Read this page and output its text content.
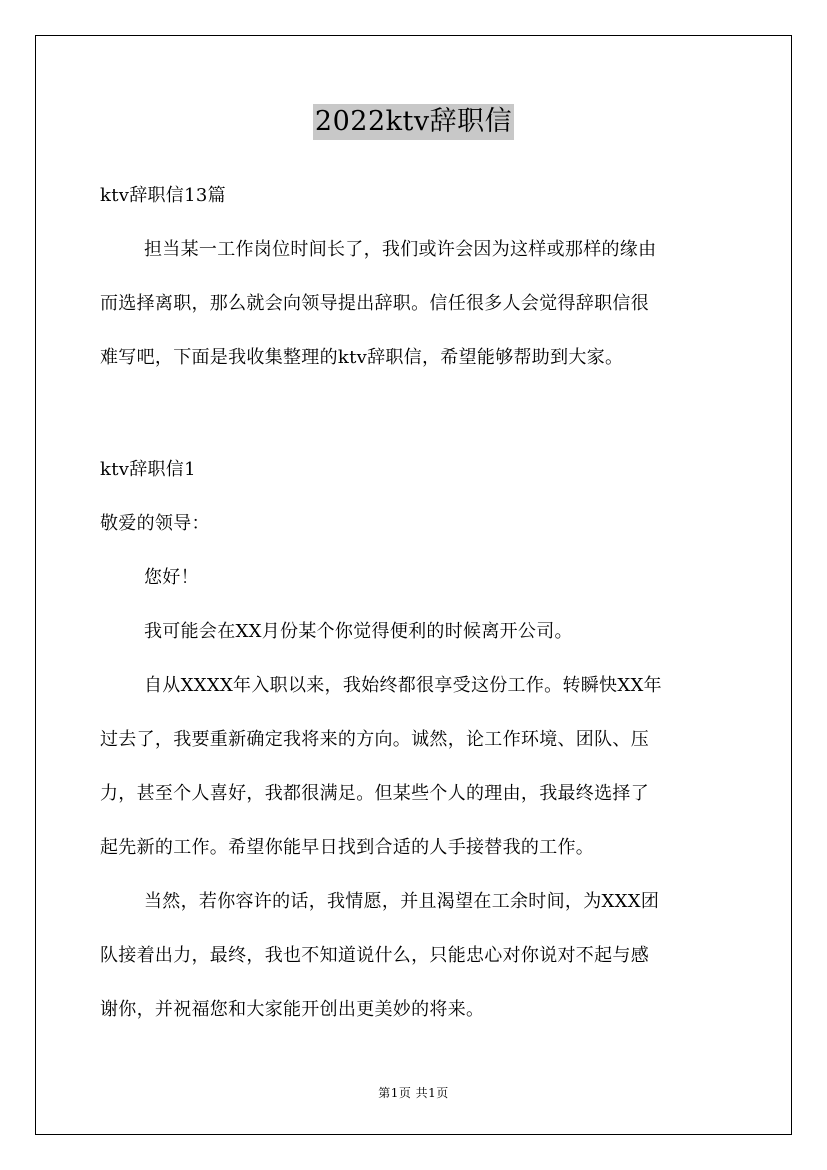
2022ktv辞职信
ktv辞职信13篇
担当某一工作岗位时间长了，我们或许会因为这样或那样的缘由
而选择离职，那么就会向领导提出辞职。信任很多人会觉得辞职信很
难写吧，下面是我收集整理的ktv辞职信，希望能够帮助到大家。
ktv辞职信1
敬爱的领导：
您好！
我可能会在XX月份某个你觉得便利的时候离开公司。
自从XXXX年入职以来，我始终都很享受这份工作。转瞬快XX年
过去了，我要重新确定我将来的方向。诚然，论工作环境、团队、压
力，甚至个人喜好，我都很满足。但某些个人的理由，我最终选择了
起先新的工作。希望你能早日找到合适的人手接替我的工作。
当然，若你容许的话，我情愿，并且渴望在工余时间，为XXX团
队接着出力，最终，我也不知道说什么，只能忠心对你说对不起与感
谢你，并祝福您和大家能开创出更美妙的将来。
第1页 共1页
